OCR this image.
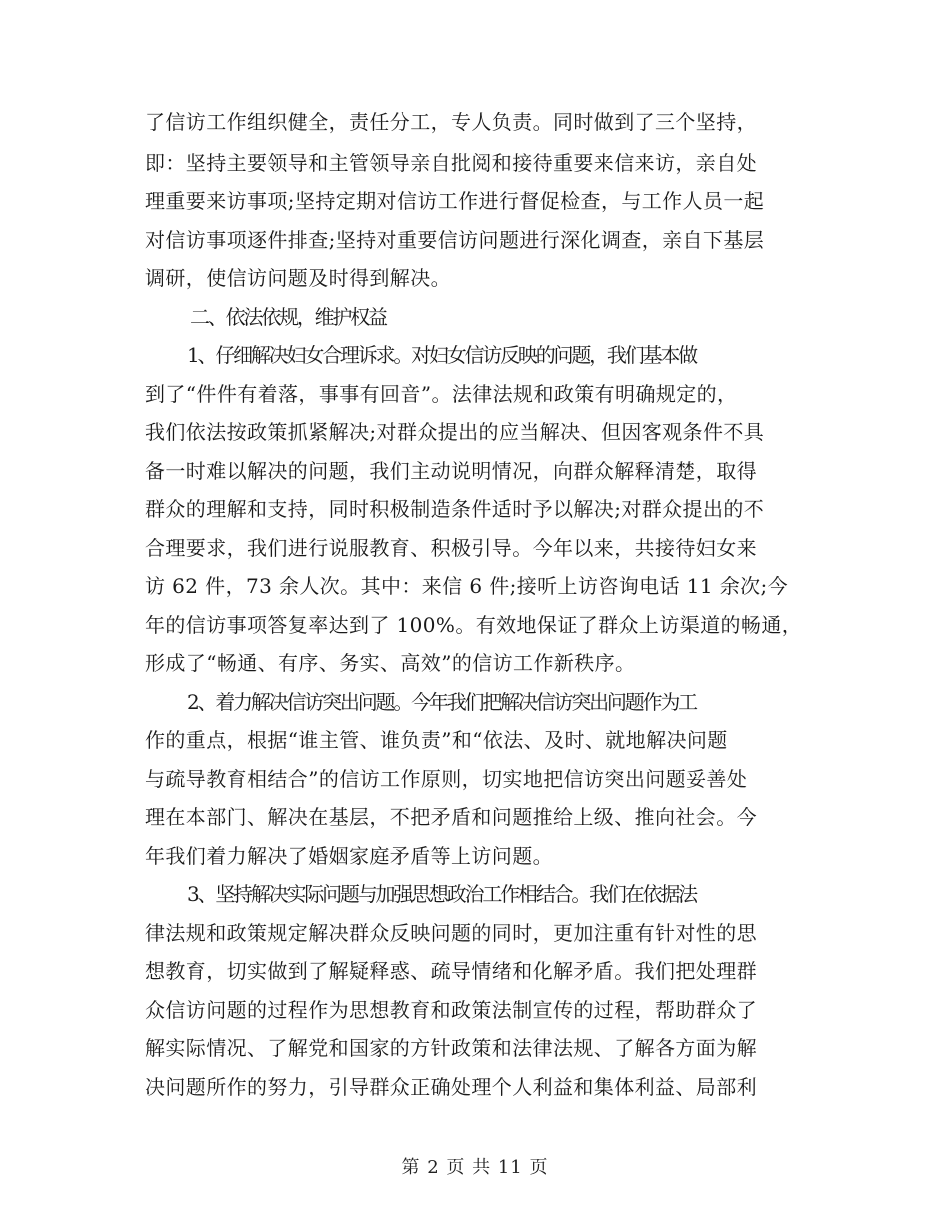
了信访工作组织健全，责任分工，专人负责。同时做到了三个坚持，
即：坚持主要领导和主管领导亲自批阅和接待重要来信来访，亲自处
理重要来访事项;坚持定期对信访工作进行督促检查，与工作人员一起
对信访事项逐件排查;坚持对重要信访问题进行深化调查，亲自下基层
调研，使信访问题及时得到解决。
二、依法依规，维护权益
1、仔细解决妇女合理诉求。对妇女信访反映的问题，我们基本做
到了“件件有着落，事事有回音”。法律法规和政策有明确规定的，
我们依法按政策抓紧解决;对群众提出的应当解决、但因客观条件不具
备一时难以解决的问题，我们主动说明情况，向群众解释清楚，取得
群众的理解和支持，同时积极制造条件适时予以解决;对群众提出的不
合理要求，我们进行说服教育、积极引导。今年以来，共接待妇女来
访 62 件，73 余人次。其中：来信 6 件;接听上访咨询电话 11 余次;今
年的信访事项答复率达到了 100%。有效地保证了群众上访渠道的畅通，
形成了“畅通、有序、务实、高效”的信访工作新秩序。
2、着力解决信访突出问题。今年我们把解决信访突出问题作为工
作的重点，根据“谁主管、谁负责”和“依法、及时、就地解决问题
与疏导教育相结合”的信访工作原则，切实地把信访突出问题妥善处
理在本部门、解决在基层，不把矛盾和问题推给上级、推向社会。今
年我们着力解决了婚姻家庭矛盾等上访问题。
3、坚持解决实际问题与加强思想政治工作相结合。我们在依据法
律法规和政策规定解决群众反映问题的同时，更加注重有针对性的思
想教育，切实做到了解疑释惑、疏导情绪和化解矛盾。我们把处理群
众信访问题的过程作为思想教育和政策法制宣传的过程，帮助群众了
解实际情况、了解党和国家的方针政策和法律法规、了解各方面为解
决问题所作的努力，引导群众正确处理个人利益和集体利益、局部利
第 2 页 共 11 页
